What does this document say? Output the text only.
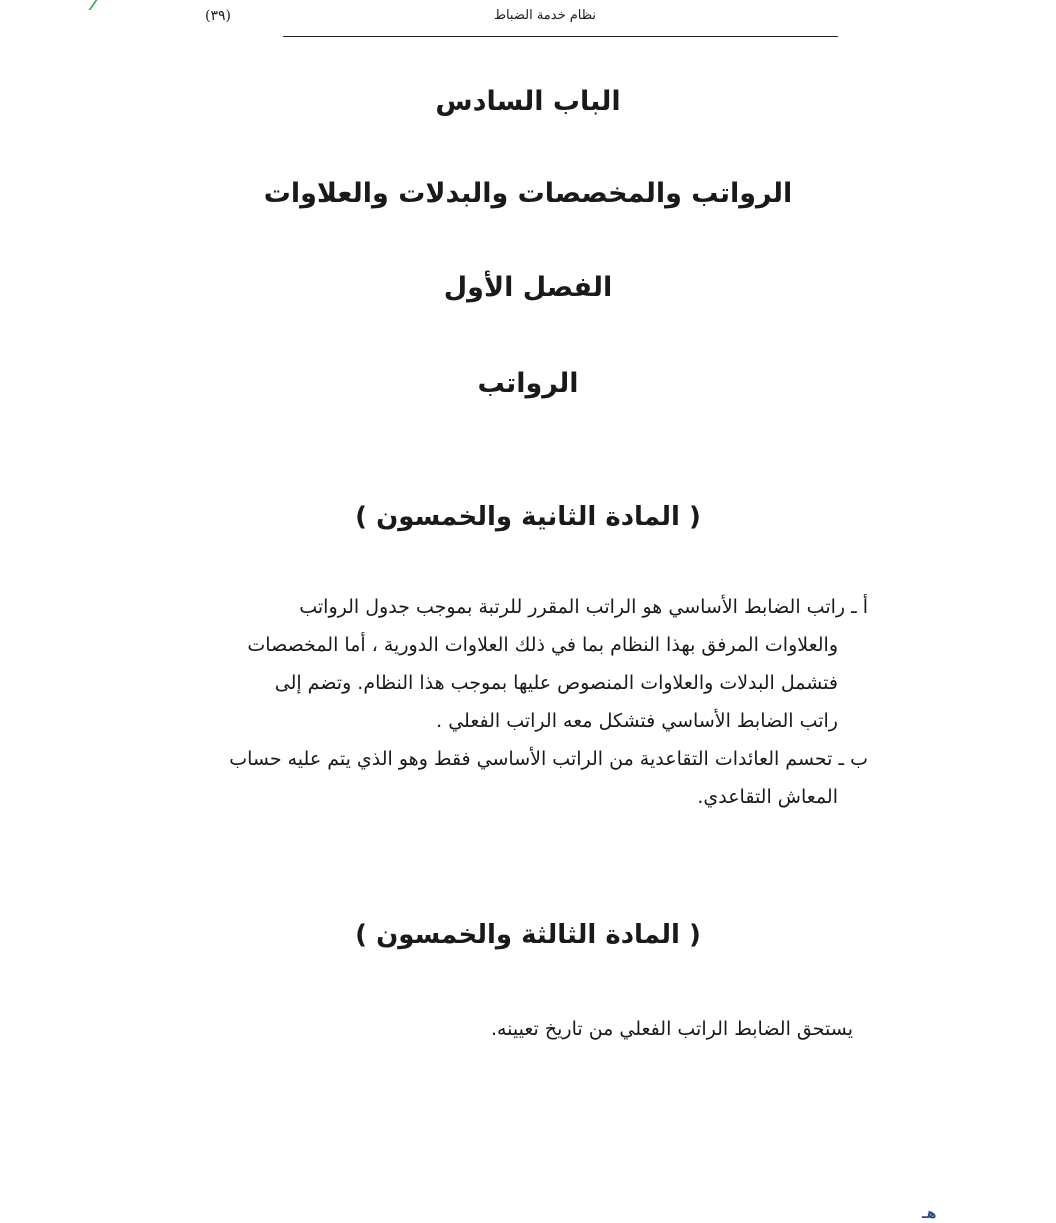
نظام خدمة الضباط
(٣٩)
الباب السادس
الرواتب والمخصصات والبدلات والعلاوات
الفصل الأول
الرواتب
( المادة الثانية والخمسون )

أ ـ راتب الضابط الأساسي هو الراتب المقرر للرتبة بموجب جدول الرواتب
والعلاوات المرفق بهذا النظام بما في ذلك العلاوات الدورية ، أما المخصصات
فتشمل البدلات والعلاوات المنصوص عليها بموجب هذا النظام. وتضم إلى
راتب الضابط الأساسي فتشكل معه الراتب الفعلي .

ب ـ تحسم العائدات التقاعدية من الراتب الأساسي فقط وهو الذي يتم عليه حساب
المعاش التقاعدي.

( المادة الثالثة والخمسون )

يستحق الضابط الراتب الفعلي من تاريخ تعيينه.

هـ
